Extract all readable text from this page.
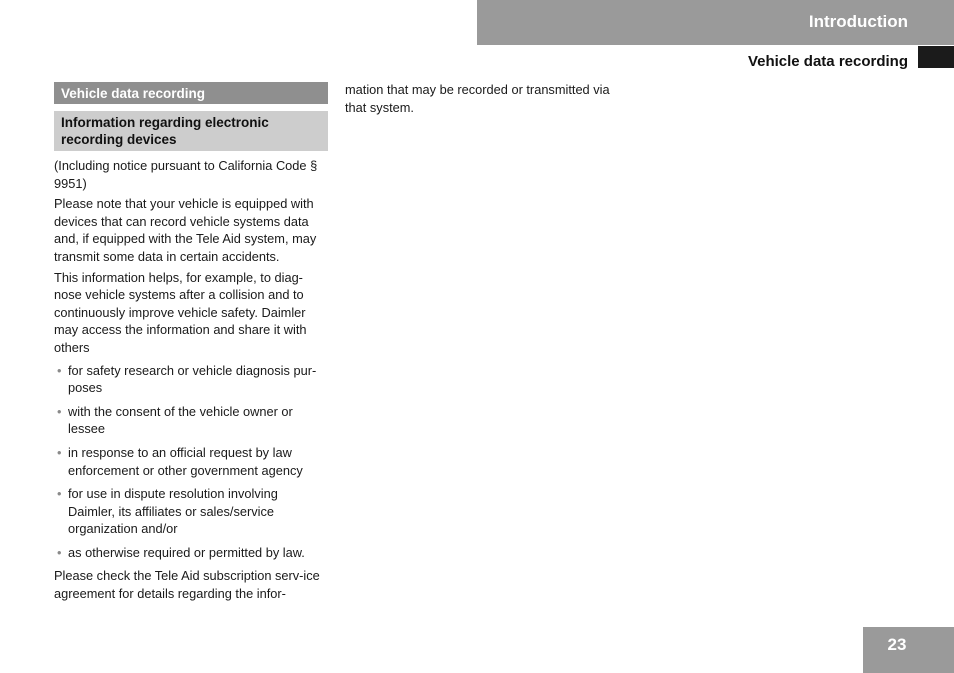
Introduction
Vehicle data recording
Vehicle data recording
Information regarding electronic recording devices

(Including notice pursuant to California Code § 9951)

Please note that your vehicle is equipped with devices that can record vehicle systems data and, if equipped with the Tele Aid system, may transmit some data in certain accidents.

This information helps, for example, to diag-nose vehicle systems after a collision and to continuously improve vehicle safety. Daimler may access the information and share it with others

• for safety research or vehicle diagnosis pur-poses
• with the consent of the vehicle owner or lessee
• in response to an official request by law enforcement or other government agency
• for use in dispute resolution involving Daimler, its affiliates or sales/service organization and/or
• as otherwise required or permitted by law.

Please check the Tele Aid subscription serv-ice agreement for details regarding the infor-

mation that may be recorded or transmitted via that system.

23
